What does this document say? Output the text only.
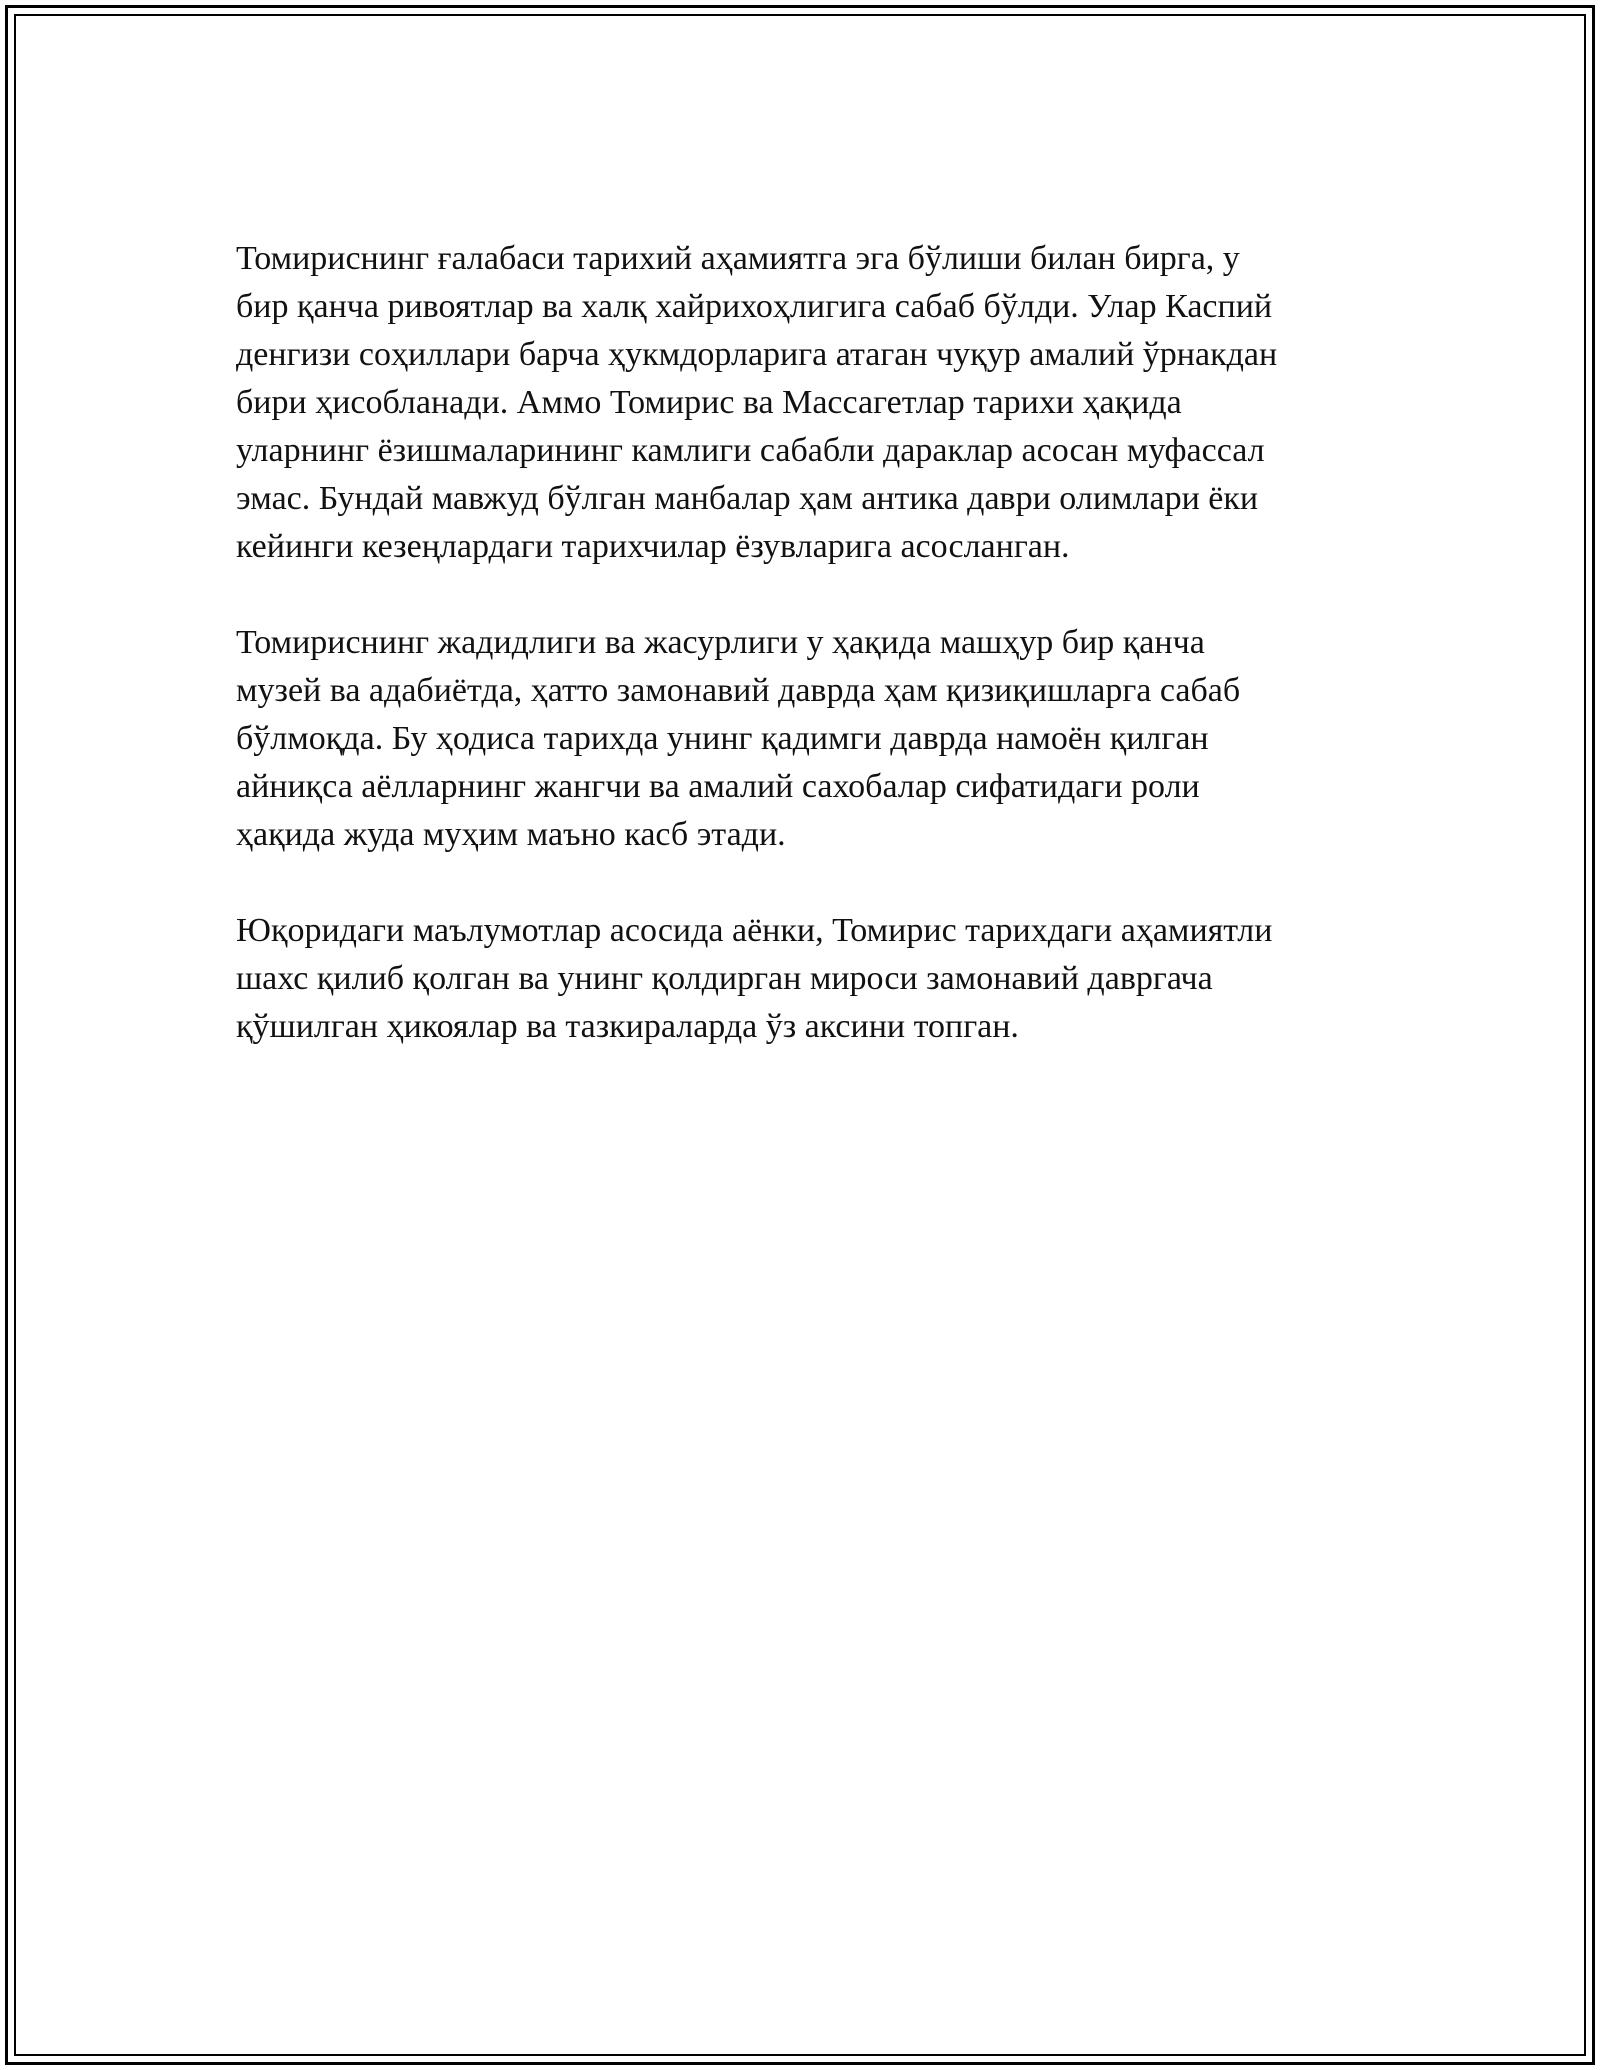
Томириснинг ғалабаси тарихий аҳамиятга эга бўлиши билан бирга, у
бир қанча ривоятлар ва халқ хайрихоҳлигига сабаб бўлди. Улар Каспий
денгизи соҳиллари барча ҳукмдорларига атаган чуқур амалий ўрнакдан
бири ҳисобланади. Аммо Томирис ва Массагетлар тарихи ҳақида
уларнинг ёзишмаларининг камлиги сабабли дараклар асосан муфассал
эмас. Бундай мавжуд бўлган манбалар ҳам антика даври олимлари ёки
кейинги кезеңлардаги тарихчилар ёзувларига асосланган.

Томириснинг жадидлиги ва жасурлиги у ҳақида машҳур бир қанча
музей ва адабиётда, ҳатто замонавий даврда ҳам қизиқишларга сабаб
бўлмоқда. Бу ҳодиса тарихда унинг қадимги даврда намоён қилган
айниқса аёлларнинг жангчи ва амалий сахобалар сифатидаги роли
ҳақида жуда муҳим маъно касб этади.

Юқоридаги маълумотлар асосида аёнки, Томирис тарихдаги аҳамиятли
шахс қилиб қолган ва унинг қолдирган мироси замонавий давргача
қўшилган ҳикоялар ва тазкираларда ўз аксини топган.
